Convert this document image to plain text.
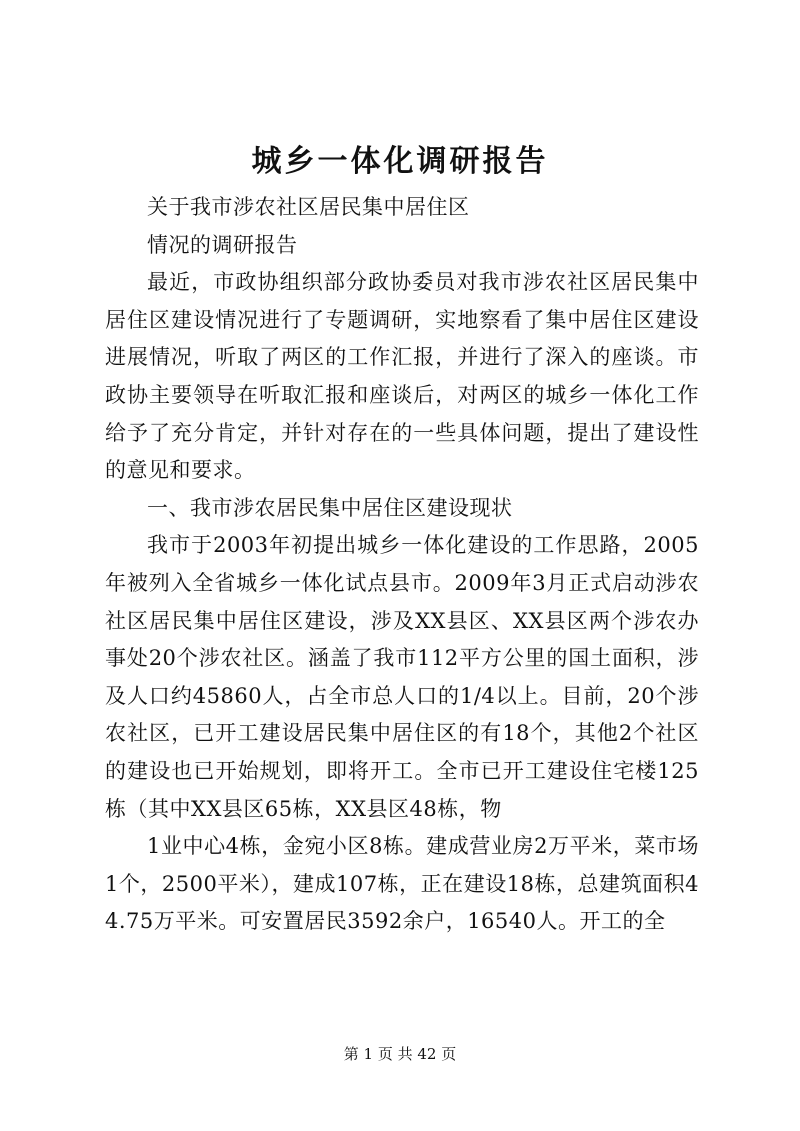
城乡一体化调研报告

关于我市涉农社区居民集中居住区

情况的调研报告

最近，市政协组织部分政协委员对我市涉农社区居民集中居住区建设情况进行了专题调研，实地察看了集中居住区建设进展情况，听取了两区的工作汇报，并进行了深入的座谈。市政协主要领导在听取汇报和座谈后，对两区的城乡一体化工作给予了充分肯定，并针对存在的一些具体问题，提出了建设性的意见和要求。

一、我市涉农居民集中居住区建设现状

我市于2003年初提出城乡一体化建设的工作思路，2005年被列入全省城乡一体化试点县市。2009年3月正式启动涉农社区居民集中居住区建设，涉及XX县区、XX县区两个涉农办事处20个涉农社区。涵盖了我市112平方公里的国土面积，涉及人口约45860人，占全市总人口的1/4以上。目前，20个涉农社区，已开工建设居民集中居住区的有18个，其他2个社区的建设也已开始规划，即将开工。全市已开工建设住宅楼125栋（其中XX县区65栋，XX县区48栋，物

1业中心4栋，金宛小区8栋。建成营业房2万平米，菜市场1个，2500平米），建成107栋，正在建设18栋，总建筑面积44.75万平米。可安置居民3592余户，16540人。开工的全

第 1 页 共 42 页
